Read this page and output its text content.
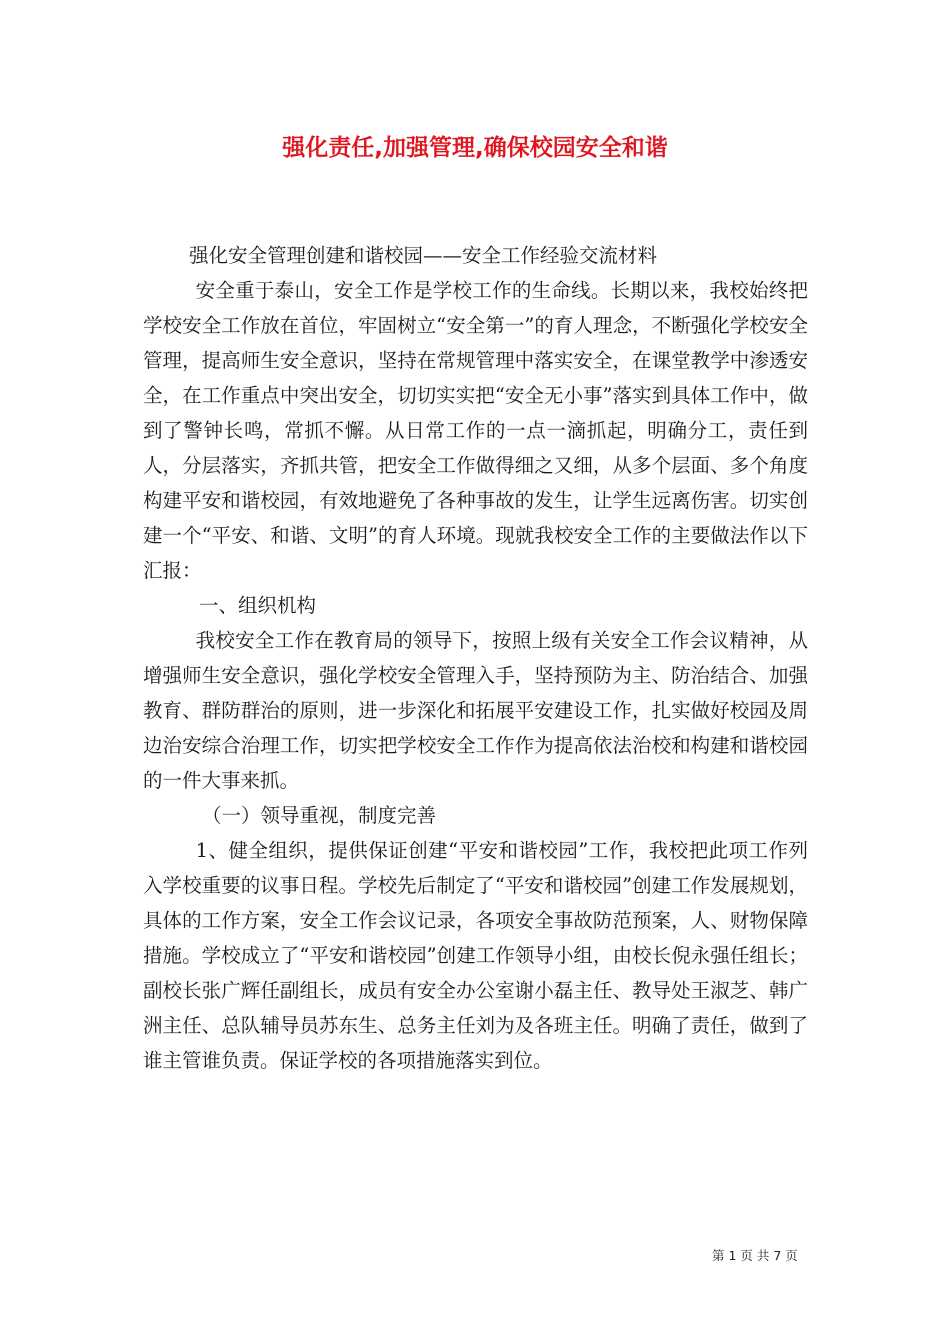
强化责任,加强管理,确保校园安全和谐

强化安全管理创建和谐校园——安全工作经验交流材料

安全重于泰山，安全工作是学校工作的生命线。长期以来，我校始终把学校安全工作放在首位，牢固树立“安全第一”的育人理念，不断强化学校安全管理，提高师生安全意识，坚持在常规管理中落实安全，在课堂教学中渗透安全，在工作重点中突出安全，切切实实把“安全无小事”落实到具体工作中，做到了警钟长鸣，常抓不懈。从日常工作的一点一滴抓起，明确分工，责任到人，分层落实，齐抓共管，把安全工作做得细之又细，从多个层面、多个角度构建平安和谐校园，有效地避免了各种事故的发生，让学生远离伤害。切实创建一个“平安、和谐、文明”的育人环境。现就我校安全工作的主要做法作以下汇报：

一、组织机构

我校安全工作在教育局的领导下，按照上级有关安全工作会议精神，从增强师生安全意识，强化学校安全管理入手，坚持预防为主、防治结合、加强教育、群防群治的原则，进一步深化和拓展平安建设工作，扎实做好校园及周边治安综合治理工作，切实把学校安全工作作为提高依法治校和构建和谐校园的一件大事来抓。

（一）领导重视，制度完善

1、健全组织，提供保证创建“平安和谐校园”工作，我校把此项工作列入学校重要的议事日程。学校先后制定了“平安和谐校园”创建工作发展规划，具体的工作方案，安全工作会议记录，各项安全事故防范预案，人、财物保障措施。学校成立了“平安和谐校园”创建工作领导小组，由校长倪永强任组长；副校长张广辉任副组长，成员有安全办公室谢小磊主任、教导处王淑芝、韩广洲主任、总队辅导员苏东生、总务主任刘为及各班主任。明确了责任，做到了谁主管谁负责。保证学校的各项措施落实到位。

第 1 页 共 7 页
